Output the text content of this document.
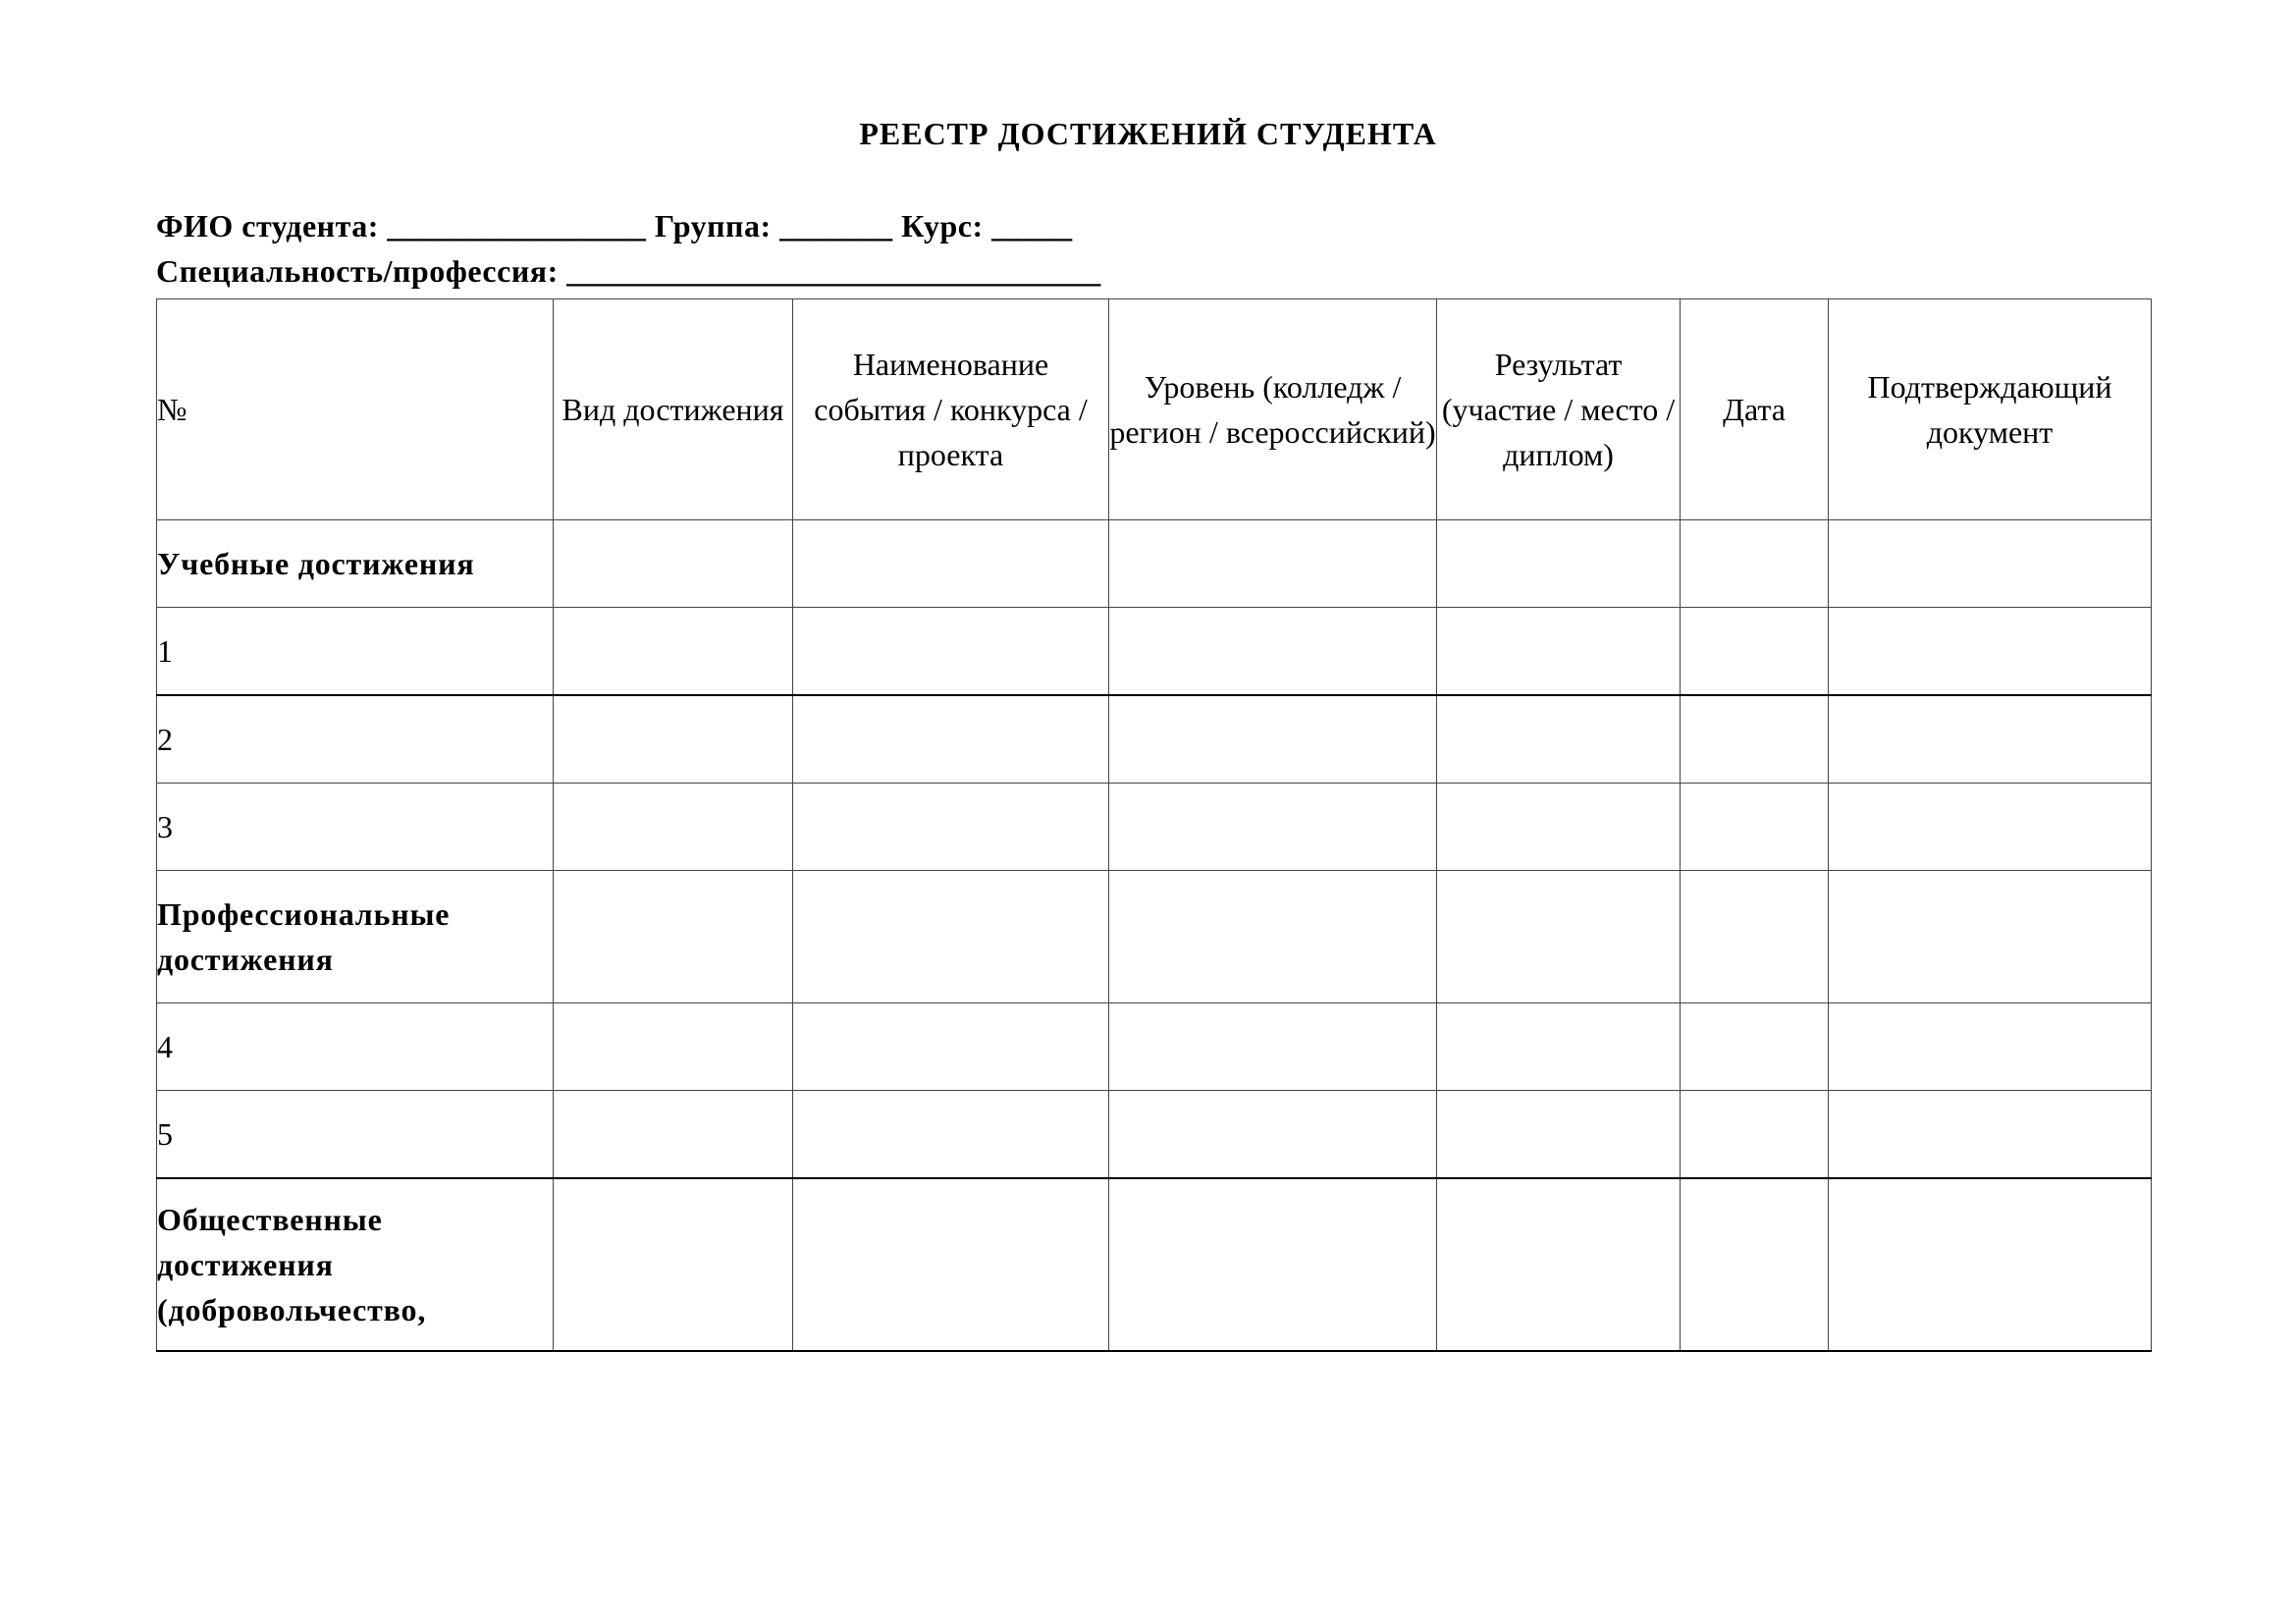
РЕЕСТР ДОСТИЖЕНИЙ СТУДЕНТА
ФИО студента: ________________ Группа: _______ Курс: _____
Специальность/профессия: _________________________________
№	Вид достижения	Наименование события / конкурса / проекта	Уровень (колледж / регион / всероссийский)	Результат (участие / место / диплом)	Дата	Подтверждающий документ
Учебные достижения						
1						
2						
3						
Профессиональные достижения						
4						
5						
Общественные достижения (добровольчество,						
